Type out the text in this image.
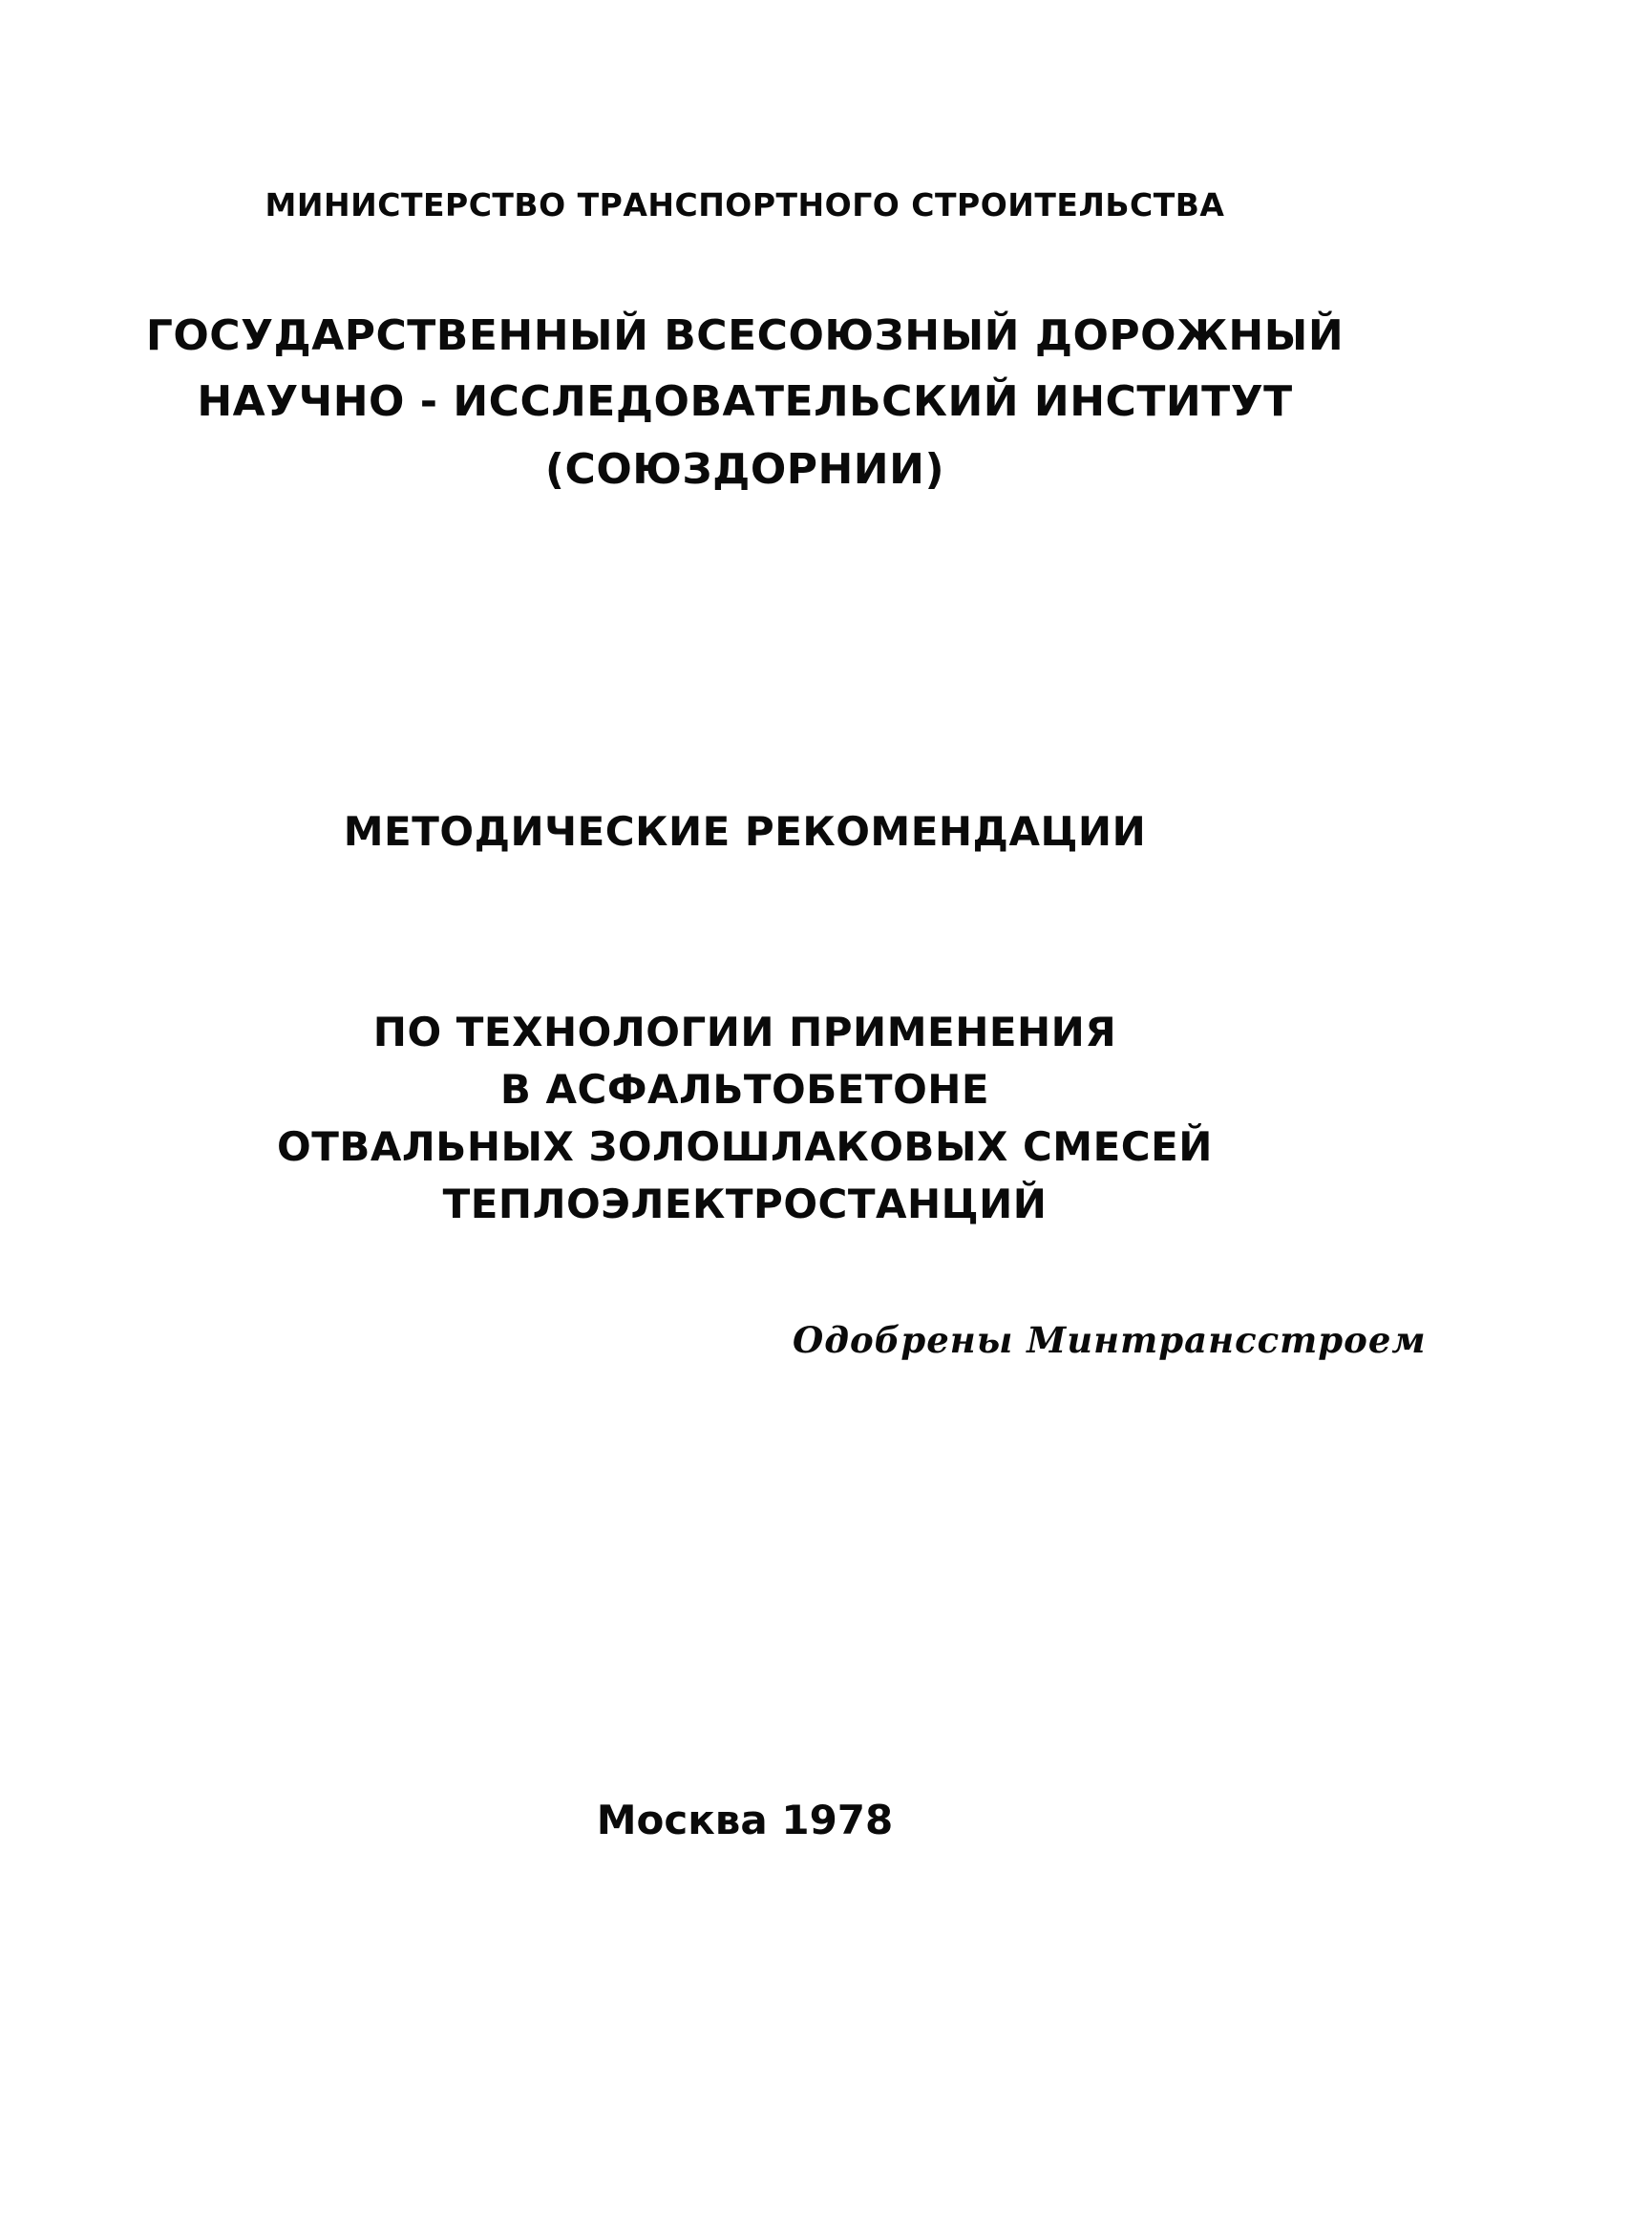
МИНИСТЕРСТВО ТРАНСПОРТНОГО СТРОИТЕЛЬСТВА

ГОСУДАРСТВЕННЫЙ ВСЕСОЮЗНЫЙ ДОРОЖНЫЙ

НАУЧНО - ИССЛЕДОВАТЕЛЬСКИЙ ИНСТИТУТ

(СОЮЗДОРНИИ)

МЕТОДИЧЕСКИЕ РЕКОМЕНДАЦИИ

ПО ТЕХНОЛОГИИ ПРИМЕНЕНИЯ

В АСФАЛЬТОБЕТОНЕ

ОТВАЛЬНЫХ ЗОЛОШЛАКОВЫХ СМЕСЕЙ

ТЕПЛОЭЛЕКТРОСТАНЦИЙ

Одобрены Минтрансстроем

Москва 1978
